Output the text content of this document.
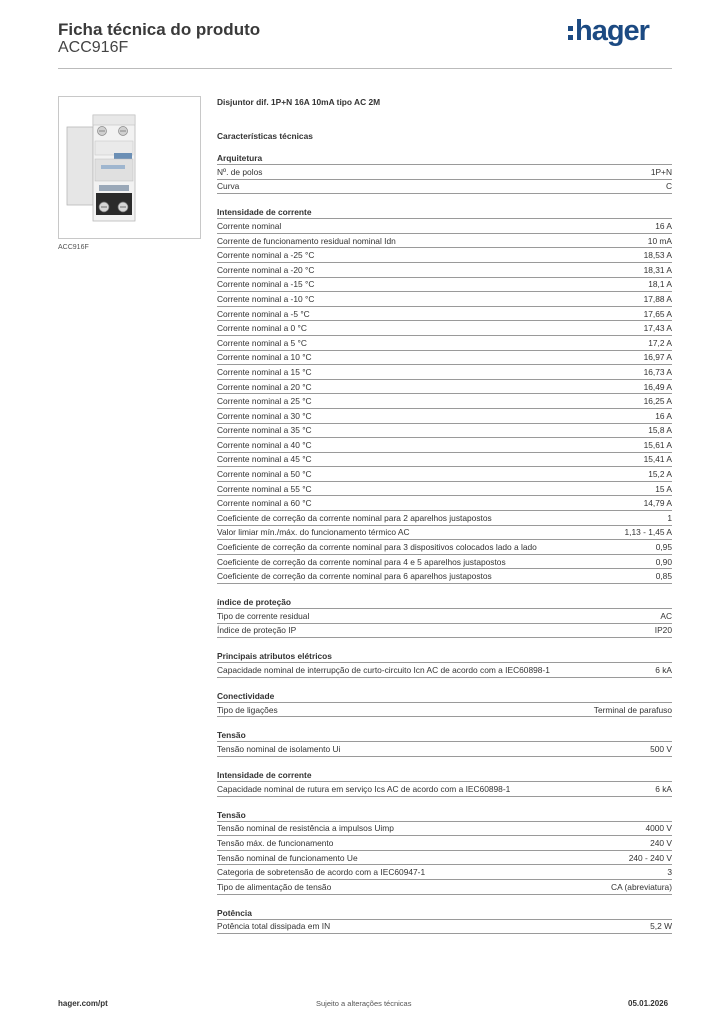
Ficha técnica do produto
ACC916F
hager
ACC916F
Disjuntor dif. 1P+N 16A 10mA tipo AC 2M
Características técnicas
Arquitetura
Nº. de polos	1P+N
Curva	C
Intensidade de corrente
Corrente nominal	16 A
Corrente de funcionamento residual nominal Idn	10 mA
Corrente nominal a -25 °C	18,53 A
Corrente nominal a -20 °C	18,31 A
Corrente nominal a -15 °C	18,1 A
Corrente nominal a -10 °C	17,88 A
Corrente nominal a -5 °C	17,65 A
Corrente nominal a 0 °C	17,43 A
Corrente nominal a 5 °C	17,2 A
Corrente nominal a 10 °C	16,97 A
Corrente nominal a 15 °C	16,73 A
Corrente nominal a 20 °C	16,49 A
Corrente nominal a 25 °C	16,25 A
Corrente nominal a 30 °C	16 A
Corrente nominal a 35 °C	15,8 A
Corrente nominal a 40 °C	15,61 A
Corrente nominal a 45 °C	15,41 A
Corrente nominal a 50 °C	15,2 A
Corrente nominal a 55 °C	15 A
Corrente nominal a 60 °C	14,79 A
Coeficiente de correção da corrente nominal para 2 aparelhos justapostos	1
Valor limiar mín./máx. do funcionamento térmico AC	1,13 - 1,45 A
Coeficiente de correção da corrente nominal para 3 dispositivos colocados lado a lado	0,95
Coeficiente de correção da corrente nominal para 4 e 5 aparelhos justapostos	0,90
Coeficiente de correção da corrente nominal para 6 aparelhos justapostos	0,85
índice de proteção
Tipo de corrente residual	AC
Índice de proteção IP	IP20
Principais atributos elétricos
Capacidade nominal de interrupção de curto-circuito Icn AC de acordo com a IEC60898-1	6 kA
Conectividade
Tipo de ligações	Terminal de parafuso
Tensão
Tensão nominal de isolamento Ui	500 V
Intensidade de corrente
Capacidade nominal de rutura em serviço Ics AC de acordo com a IEC60898-1	6 kA
Tensão
Tensão nominal de resistência a impulsos Uimp	4000 V
Tensão máx. de funcionamento	240 V
Tensão nominal de funcionamento Ue	240 - 240 V
Categoria de sobretensão de acordo com a IEC60947-1	3
Tipo de alimentação de tensão	CA (abreviatura)
Potência
Potência total dissipada em IN	5,2 W
hager.com/pt	Sujeito a alterações técnicas	05.01.2026
